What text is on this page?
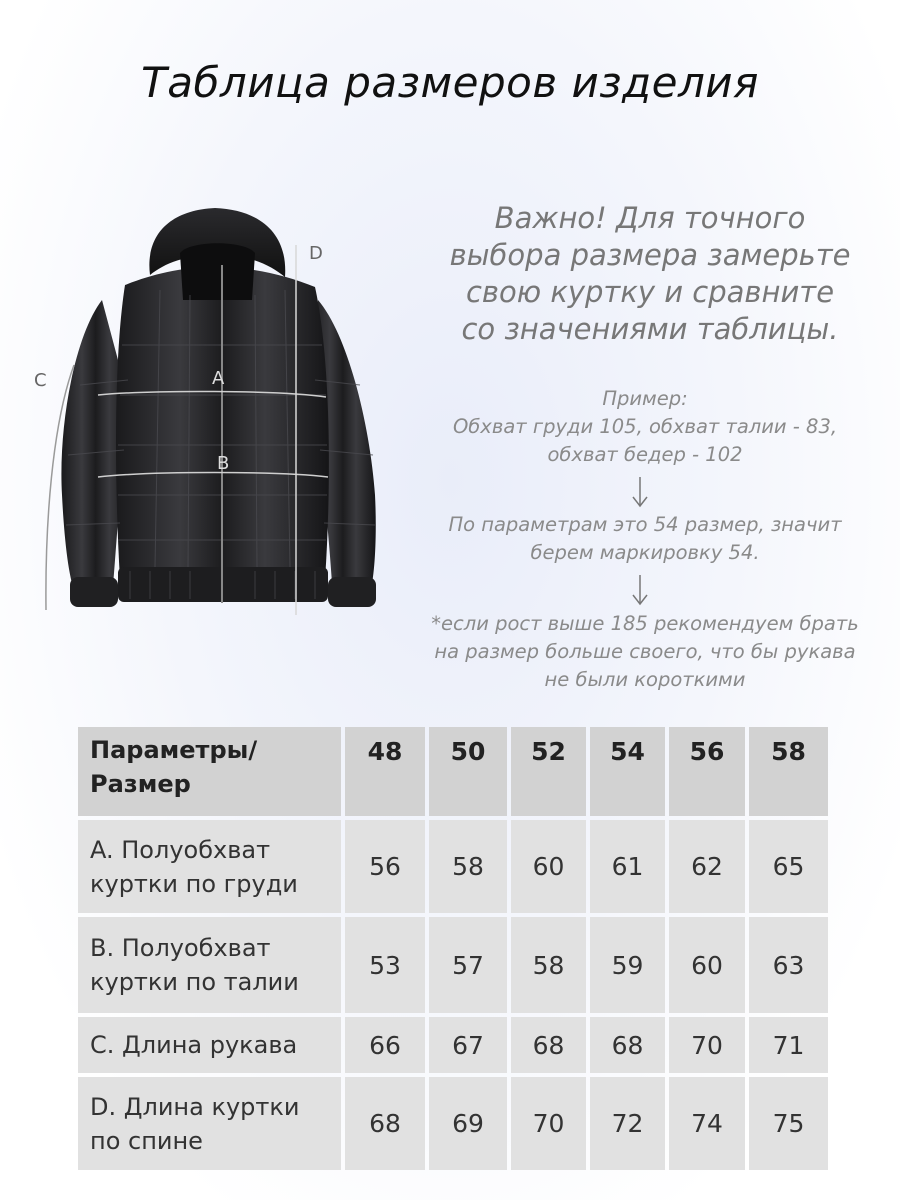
Таблица размеров изделия
A
B
C
D
Важно! Для точного
выбора размера замерьте
свою куртку и сравните
со значениями таблицы.
Пример:
Обхват груди 105, обхват талии - 83,
обхват бедер - 102
По параметрам это 54 размер, значит
берем маркировку 54.
*если рост выше 185 рекомендуем брать
на размер больше своего, что бы рукава
не были короткими
Параметры/
Размер
48	50	52	54	56	58
A. Полуобхват
куртки по груди
56	58	60	61	62	65
B. Полуобхват
куртки по талии
53	57	58	59	60	63
C. Длина рукава	66	67	68	68	70	71
D. Длина куртки
по спине
68	69	70	72	74	75
